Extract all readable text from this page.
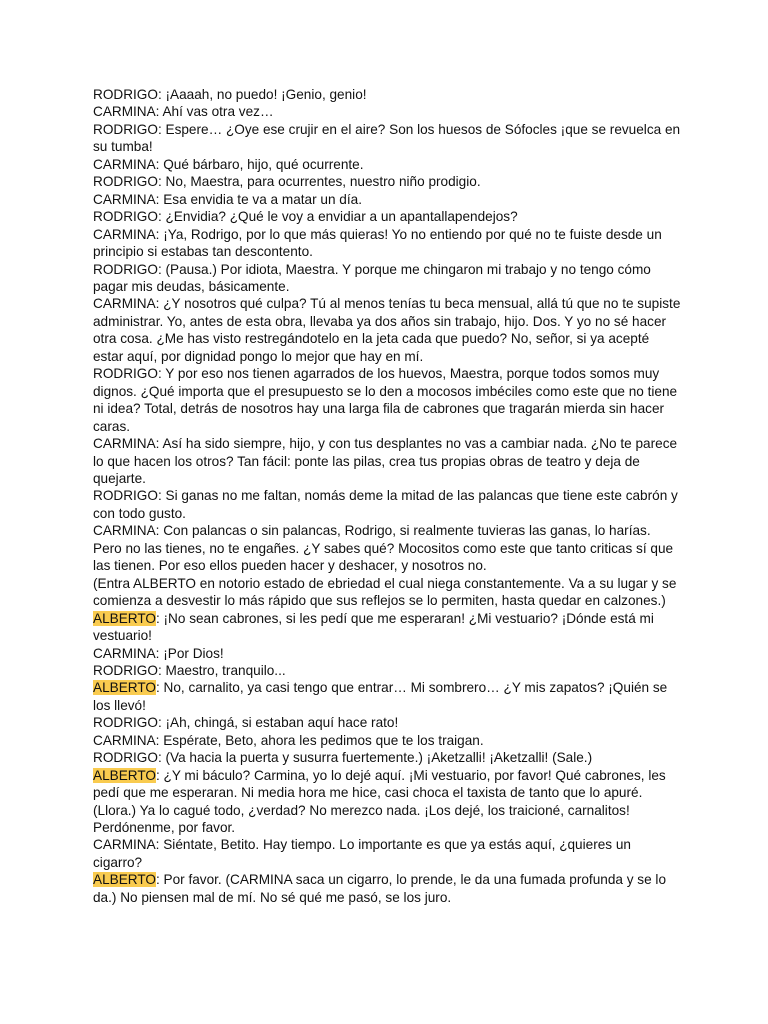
RODRIGO: ¡Aaaah, no puedo! ¡Genio, genio!

CARMINA: Ahí vas otra vez…

RODRIGO: Espere… ¿Oye ese crujir en el aire? Son los huesos de Sófocles ¡que se revuelca en su tumba!

CARMINA: Qué bárbaro, hijo, qué ocurrente.

RODRIGO: No, Maestra, para ocurrentes, nuestro niño prodigio.

CARMINA: Esa envidia te va a matar un día.

RODRIGO: ¿Envidia? ¿Qué le voy a envidiar a un apantallapendejos?

CARMINA: ¡Ya, Rodrigo, por lo que más quieras! Yo no entiendo por qué no te fuiste desde un principio si estabas tan descontento.

RODRIGO: (Pausa.) Por idiota, Maestra. Y porque me chingaron mi trabajo y no tengo cómo pagar mis deudas, básicamente.

CARMINA: ¿Y nosotros qué culpa? Tú al menos tenías tu beca mensual, allá tú que no te supiste administrar. Yo, antes de esta obra, llevaba ya dos años sin trabajo, hijo. Dos. Y yo no sé hacer otra cosa. ¿Me has visto restregándotelo en la jeta cada que puedo? No, señor, si ya acepté estar aquí, por dignidad pongo lo mejor que hay en mí.

RODRIGO: Y por eso nos tienen agarrados de los huevos, Maestra, porque todos somos muy dignos. ¿Qué importa que el presupuesto se lo den a mocosos imbéciles como este que no tiene ni idea? Total, detrás de nosotros hay una larga fila de cabrones que tragarán mierda sin hacer caras.

CARMINA: Así ha sido siempre, hijo, y con tus desplantes no vas a cambiar nada. ¿No te parece lo que hacen los otros? Tan fácil: ponte las pilas, crea tus propias obras de teatro y deja de quejarte.

RODRIGO: Si ganas no me faltan, nomás deme la mitad de las palancas que tiene este cabrón y con todo gusto.

CARMINA: Con palancas o sin palancas, Rodrigo, si realmente tuvieras las ganas, lo harías. Pero no las tienes, no te engañes. ¿Y sabes qué? Mocositos como este que tanto criticas sí que las tienen. Por eso ellos pueden hacer y deshacer, y nosotros no.

(Entra ALBERTO en notorio estado de ebriedad el cual niega constantemente. Va a su lugar y se comienza a desvestir lo más rápido que sus reflejos se lo permiten, hasta quedar en calzones.)

ALBERTO: ¡No sean cabrones, si les pedí que me esperaran! ¿Mi vestuario? ¡Dónde está mi vestuario!

CARMINA: ¡Por Dios!

RODRIGO: Maestro, tranquilo...

ALBERTO: No, carnalito, ya casi tengo que entrar… Mi sombrero… ¿Y mis zapatos? ¡Quién se los llevó!

RODRIGO: ¡Ah, chingá, si estaban aquí hace rato!

CARMINA: Espérate, Beto, ahora les pedimos que te los traigan.

RODRIGO: (Va hacia la puerta y susurra fuertemente.) ¡Aketzalli! ¡Aketzalli! (Sale.)

ALBERTO: ¿Y mi báculo? Carmina, yo lo dejé aquí. ¡Mi vestuario, por favor! Qué cabrones, les pedí que me esperaran. Ni media hora me hice, casi choca el taxista de tanto que lo apuré. (Llora.) Ya lo cagué todo, ¿verdad? No merezco nada. ¡Los dejé, los traicioné, carnalitos! Perdónenme, por favor.

CARMINA: Siéntate, Betito. Hay tiempo. Lo importante es que ya estás aquí, ¿quieres un cigarro?

ALBERTO: Por favor. (CARMINA saca un cigarro, lo prende, le da una fumada profunda y se lo da.) No piensen mal de mí. No sé qué me pasó, se los juro.
